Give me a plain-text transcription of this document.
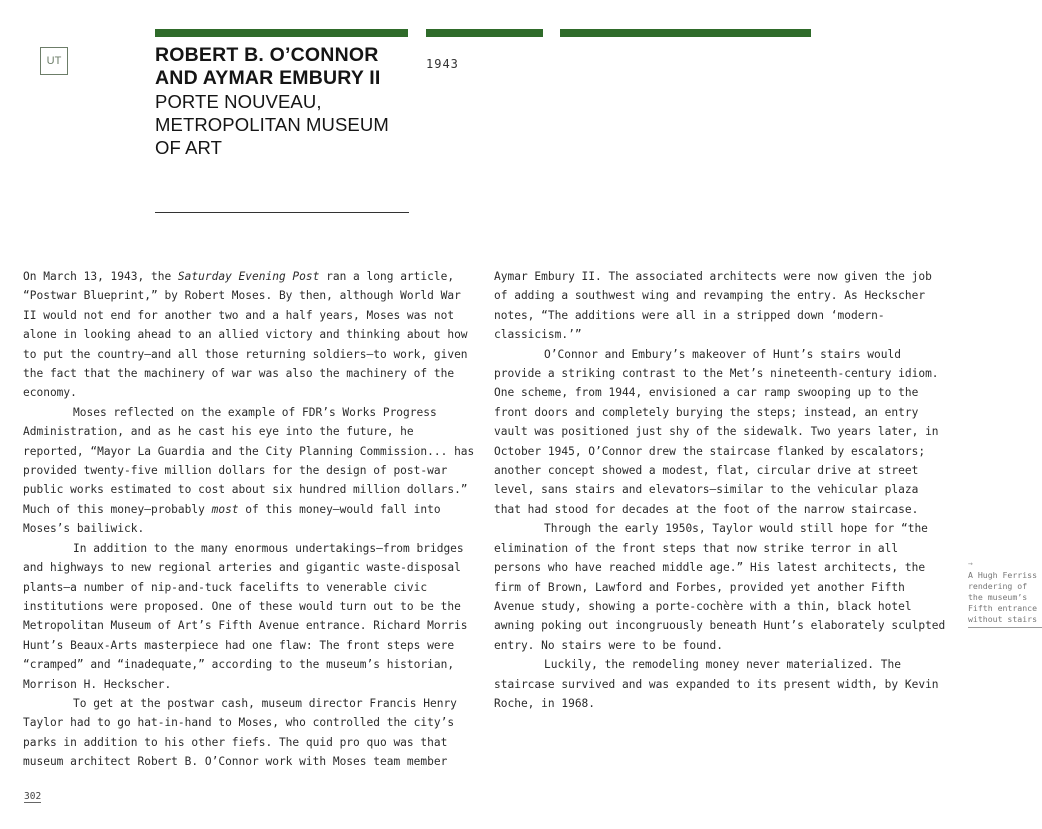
UT	ROBERT B. O’CONNOR
AND AYMAR EMBURY II
PORTE NOUVEAU,
METROPOLITAN MUSEUM
OF ART
1943

On March 13, 1943, the Saturday Evening Post ran a long article, “Postwar Blueprint,” by Robert Moses. By then, although World War II would not end for another two and a half years, Moses was not alone in looking ahead to an allied victory and thinking about how to put the country—and all those returning soldiers—to work, given the fact that the machinery of war was also the machinery of the economy.

Moses reflected on the example of FDR’s Works Progress Administration, and as he cast his eye into the future, he reported, “Mayor La Guardia and the City Planning Commission... has provided twenty-five million dollars for the design of post-war public works estimated to cost about six hundred million dollars.” Much of this money—probably most of this money—would fall into Moses’s bailiwick.

In addition to the many enormous undertakings—from bridges and highways to new regional arteries and gigantic waste-disposal plants—a number of nip-and-tuck facelifts to venerable civic institutions were proposed. One of these would turn out to be the Metropolitan Museum of Art’s Fifth Avenue entrance. Richard Morris Hunt’s Beaux-Arts masterpiece had one flaw: The front steps were “cramped” and “inadequate,” according to the museum’s historian, Morrison H. Heckscher.

To get at the postwar cash, museum director Francis Henry Taylor had to go hat-in-hand to Moses, who controlled the city’s parks in addition to his other fiefs. The quid pro quo was that museum architect Robert B. O’Connor work with Moses team member

Aymar Embury II. The associated architects were now given the job of adding a southwest wing and revamping the entry. As Heckscher notes, “The additions were all in a stripped down ‘modern-classicism.’”

O’Connor and Embury’s makeover of Hunt’s stairs would provide a striking contrast to the Met’s nineteenth-century idiom. One scheme, from 1944, envisioned a car ramp swooping up to the front doors and completely burying the steps; instead, an entry vault was positioned just shy of the sidewalk. Two years later, in October 1945, O’Connor drew the staircase flanked by escalators; another concept showed a modest, flat, circular drive at street level, sans stairs and elevators—similar to the vehicular plaza that had stood for decades at the foot of the narrow staircase.

Through the early 1950s, Taylor would still hope for “the elimination of the front steps that now strike terror in all persons who have reached middle age.” His latest architects, the firm of Brown, Lawford and Forbes, provided yet another Fifth Avenue study, showing a porte-cochère with a thin, black hotel awning poking out incongruously beneath Hunt’s elaborately sculpted entry. No stairs were to be found.

Luckily, the remodeling money never materialized. The staircase survived and was expanded to its present width, by Kevin Roche, in 1968.

→
A Hugh Ferriss rendering of the museum’s Fifth entrance without stairs
302
